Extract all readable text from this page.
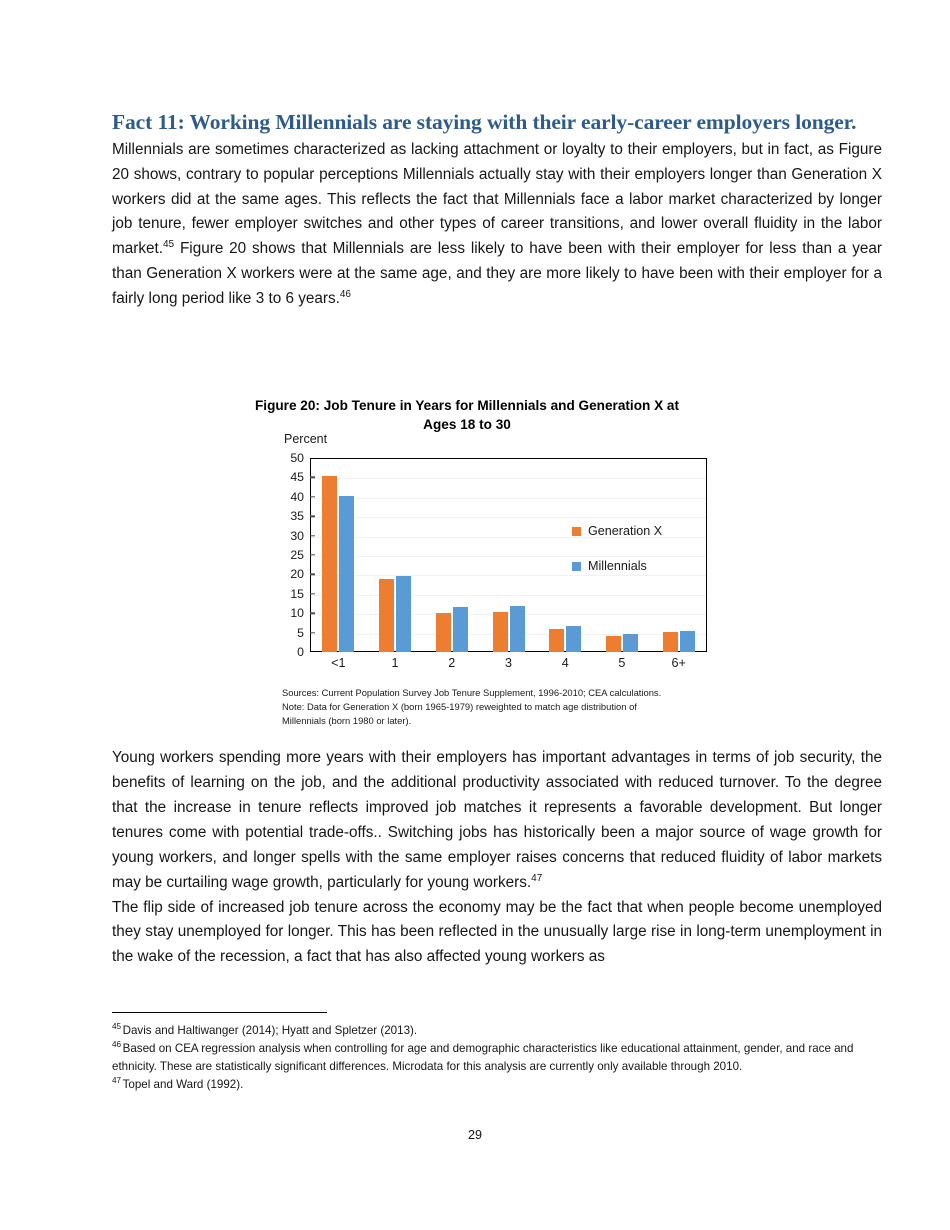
Fact 11: Working Millennials are staying with their early-career employers longer.

Millennials are sometimes characterized as lacking attachment or loyalty to their employers, but in fact, as Figure 20 shows, contrary to popular perceptions Millennials actually stay with their employers longer than Generation X workers did at the same ages. This reflects the fact that Millennials face a labor market characterized by longer job tenure, fewer employer switches and other types of career transitions, and lower overall fluidity in the labor market.$^{45}$ Figure 20 shows that Millennials are less likely to have been with their employer for less than a year than Generation X workers were at the same age, and they are more likely to have been with their employer for a fairly long period like 3 to 6 years.$^{46}$

Figure 20: Job Tenure in Years for Millennials and Generation X at Ages 18 to 30
Percent
50
45
40
35
30
25
20
15
10
5
0
<1	1	2	3	4	5	6+
Generation X
Millennials
Sources: Current Population Survey Job Tenure Supplement, 1996-2010; CEA calculations.
Note: Data for Generation X (born 1965-1979) reweighted to match age distribution of
Millennials (born 1980 or later).

Young workers spending more years with their employers has important advantages in terms of job security, the benefits of learning on the job, and the additional productivity associated with reduced turnover. To the degree that the increase in tenure reflects improved job matches it represents a favorable development. But longer tenures come with potential trade-offs.. Switching jobs has historically been a major source of wage growth for young workers, and longer spells with the same employer raises concerns that reduced fluidity of labor markets may be curtailing wage growth, particularly for young workers.$^{47}$

The flip side of increased job tenure across the economy may be the fact that when people become unemployed they stay unemployed for longer. This has been reflected in the unusually large rise in long-term unemployment in the wake of the recession, a fact that has also affected young workers as

$^{45}$ Davis and Haltiwanger (2014); Hyatt and Spletzer (2013).

$^{46}$ Based on CEA regression analysis when controlling for age and demographic characteristics like educational attainment, gender, and race and ethnicity. These are statistically significant differences. Microdata for this analysis are currently only available through 2010.

$^{47}$ Topel and Ward (1992).

29
